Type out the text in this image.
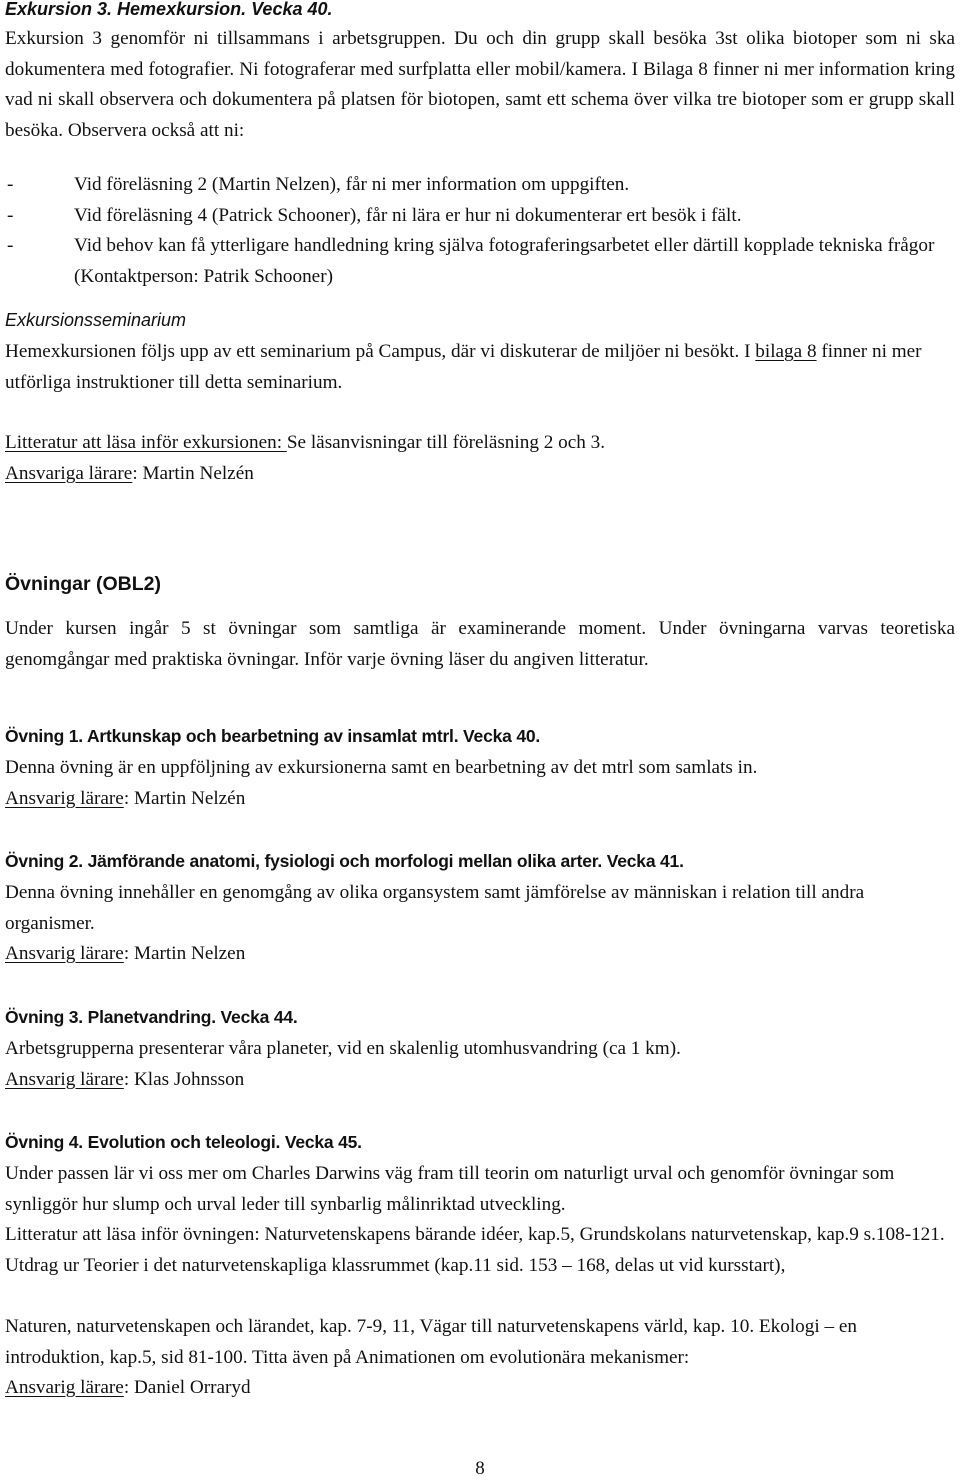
Exkursion 3. Hemexkursion. Vecka 40.

Exkursion 3 genomför ni tillsammans i arbetsgruppen. Du och din grupp skall besöka 3st olika biotoper som ni ska dokumentera med fotografier. Ni fotograferar med surfplatta eller mobil/kamera. I Bilaga 8 finner ni mer information kring vad ni skall observera och dokumentera på platsen för biotopen, samt ett schema över vilka tre biotoper som er grupp skall besöka. Observera också att ni:

-	Vid föreläsning 2 (Martin Nelzen), får ni mer information om uppgiften.
-	Vid föreläsning 4 (Patrick Schooner), får ni lära er hur ni dokumenterar ert besök i fält.
-	Vid behov kan få ytterligare handledning kring själva fotograferingsarbetet eller därtill kopplade tekniska frågor (Kontaktperson: Patrik Schooner)
Exkursionsseminarium

Hemexkursionen följs upp av ett seminarium på Campus, där vi diskuterar de miljöer ni besökt. I bilaga 8 finner ni mer utförliga instruktioner till detta seminarium.

Litteratur att läsa inför exkursionen: Se läsanvisningar till föreläsning 2 och 3.

Ansvariga lärare: Martin Nelzén

Övningar (OBL2)

Under kursen ingår 5 st övningar som samtliga är examinerande moment. Under övningarna varvas teoretiska genomgångar med praktiska övningar. Inför varje övning läser du angiven litteratur.

Övning 1. Artkunskap och bearbetning av insamlat mtrl. Vecka 40.

Denna övning är en uppföljning av exkursionerna samt en bearbetning av det mtrl som samlats in.

Ansvarig lärare: Martin Nelzén

Övning 2. Jämförande anatomi, fysiologi och morfologi mellan olika arter. Vecka 41.

Denna övning innehåller en genomgång av olika organsystem samt jämförelse av människan i relation till andra organismer.

Ansvarig lärare: Martin Nelzen

Övning 3. Planetvandring. Vecka 44.

Arbetsgrupperna presenterar våra planeter, vid en skalenlig utomhusvandring (ca 1 km).

Ansvarig lärare: Klas Johnsson

Övning 4. Evolution och teleologi. Vecka 45.

Under passen lär vi oss mer om Charles Darwins väg fram till teorin om naturligt urval och genomför övningar som synliggör hur slump och urval leder till synbarlig målinriktad utveckling.

Litteratur att läsa inför övningen: Naturvetenskapens bärande idéer, kap.5, Grundskolans naturvetenskap, kap.9 s.108-121. Utdrag ur Teorier i det naturvetenskapliga klassrummet (kap.11 sid. 153 – 168, delas ut vid kursstart),

Naturen, naturvetenskapen och lärandet, kap. 7-9, 11, Vägar till naturvetenskapens värld, kap. 10. Ekologi – en introduktion, kap.5, sid 81-100. Titta även på Animationen om evolutionära mekanismer:

Ansvarig lärare: Daniel Orraryd

8
